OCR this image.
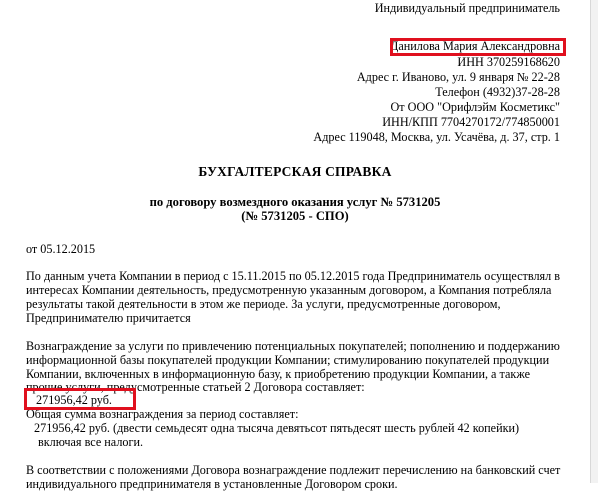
Индивидуальный предприниматель
Данилова Мария Александровна
ИНН 370259168620
Адрес г. Иваново, ул. 9 января № 22-28
Телефон (4932)37-28-28
От ООО "Орифлэйм Косметикс"
ИНН/КПП 7704270172/774850001
Адрес 119048, Москва, ул. Усачёва, д. 37, стр. 1
БУХГАЛТЕРСКАЯ СПРАВКА
по договору возмездного оказания услуг № 5731205
(№ 5731205 - СПО)
от 05.12.2015
По данным учета Компании в период с 15.11.2015 по 05.12.2015 года Предприниматель осуществлял в
интересах Компании деятельность, предусмотренную указанным договором, а Компания потребляла
результаты такой деятельности в этом же периоде. За услуги, предусмотренные договором,
Предпринимателю причитается
Вознаграждение за услуги по привлечению потенциальных покупателей; пополнению и поддержанию
информационной базы покупателей продукции Компании; стимулированию покупателей продукции
Компании, включенных в информационную базу, к приобретению продукции Компании, а также
прочие услуги, предусмотренные статьей 2 Договора составляет:
271956,42 руб.
Общая сумма вознаграждения за период составляет:
271956,42 руб. (двести семьдесят одна тысяча девятьсот пятьдесят шесть рублей 42 копейки)
включая все налоги.
В соответствии с положениями Договора вознаграждение подлежит перечислению на банковский счет
индивидуального предпринимателя в установленные Договором сроки.
